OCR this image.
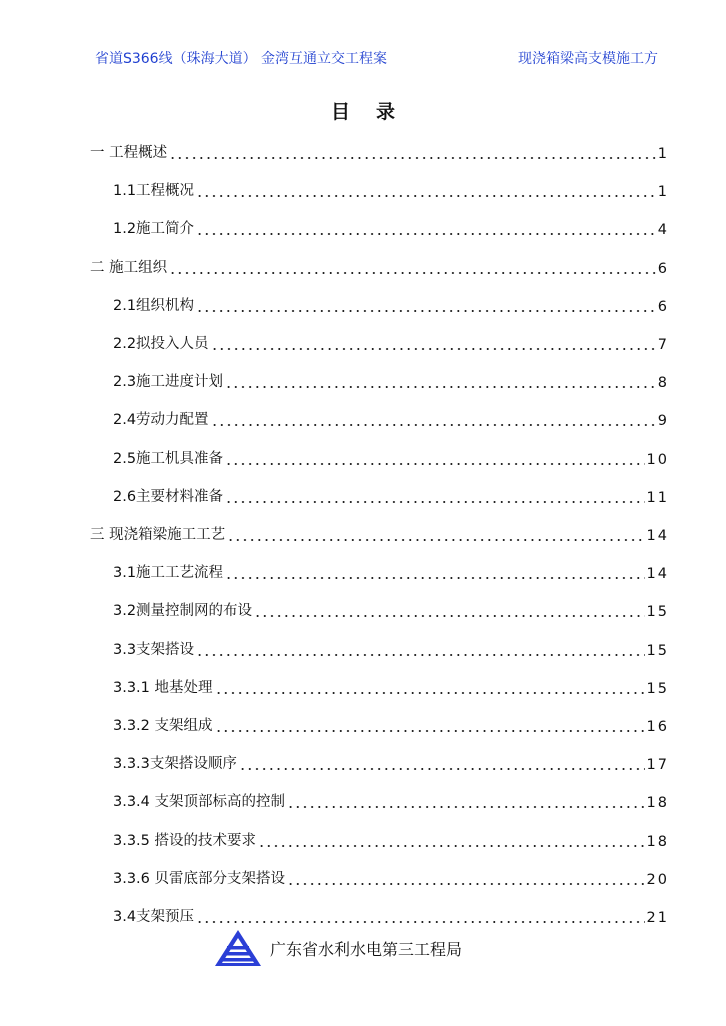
省道S366线（珠海大道） 金湾互通立交工程案	现浇箱梁高支模施工方
目录
一 工程概述	1
1.1工程概况	1
1.2施工简介	4
二 施工组织	6
2.1组织机构	6
2.2拟投入人员	7
2.3施工进度计划	8
2.4劳动力配置	9
2.5施工机具准备	10
2.6主要材料准备	11
三 现浇箱梁施工工艺	14
3.1施工工艺流程	14
3.2测量控制网的布设	15
3.3支架搭设	15
3.3.1 地基处理	15
3.3.2 支架组成	16
3.3.3支架搭设顺序	17
3.3.4 支架顶部标高的控制	18
3.3.5 搭设的技术要求	18
3.3.6 贝雷底部分支架搭设	20
3.4支架预压	21
广东省水利水电第三工程局
